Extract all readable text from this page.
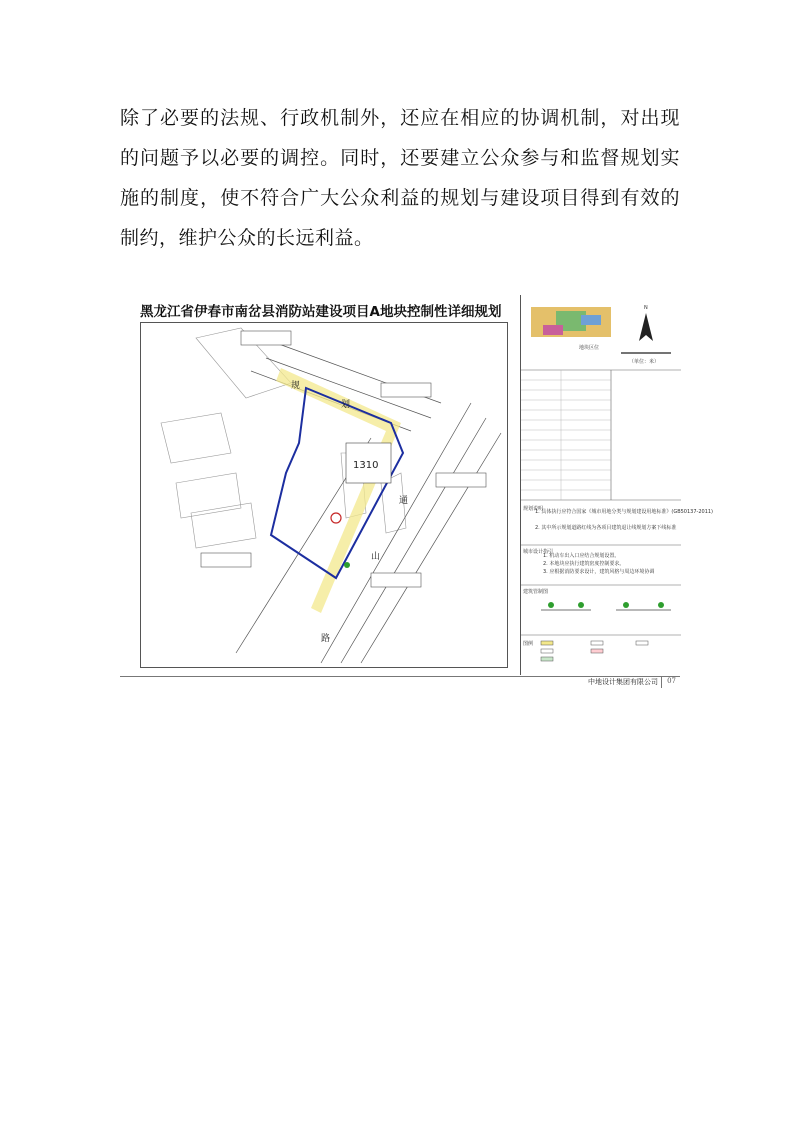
除了必要的法规、行政机制外，还应在相应的协调机制，对出现的问题予以必要的调控。同时，还要建立公众参与和监督规划实施的制度，使不符合广大公众利益的规划与建设项目得到有效的制约，维护公众的长远利益。

黑龙江省伊春市南岔县消防站建设项目A地块控制性详细规划
1310
规
划
通
山
路
地块区位
N
（单位：米）
规划说明
城市设计指引
建筑管制图
图例
1. 具体执行应符合国家《城市用地分类与规划建设用地标准》(GB50137-2011)
2. 其中所示规划道路红线为各项目建筑退让线规划方案下线标准
1. 机动车出入口应结合规划设置。
2. 本地块应执行建筑密度控制要求。
3. 应根据消防要求设计，建筑风格与周边环境协调
中地设计集团有限公司 07
